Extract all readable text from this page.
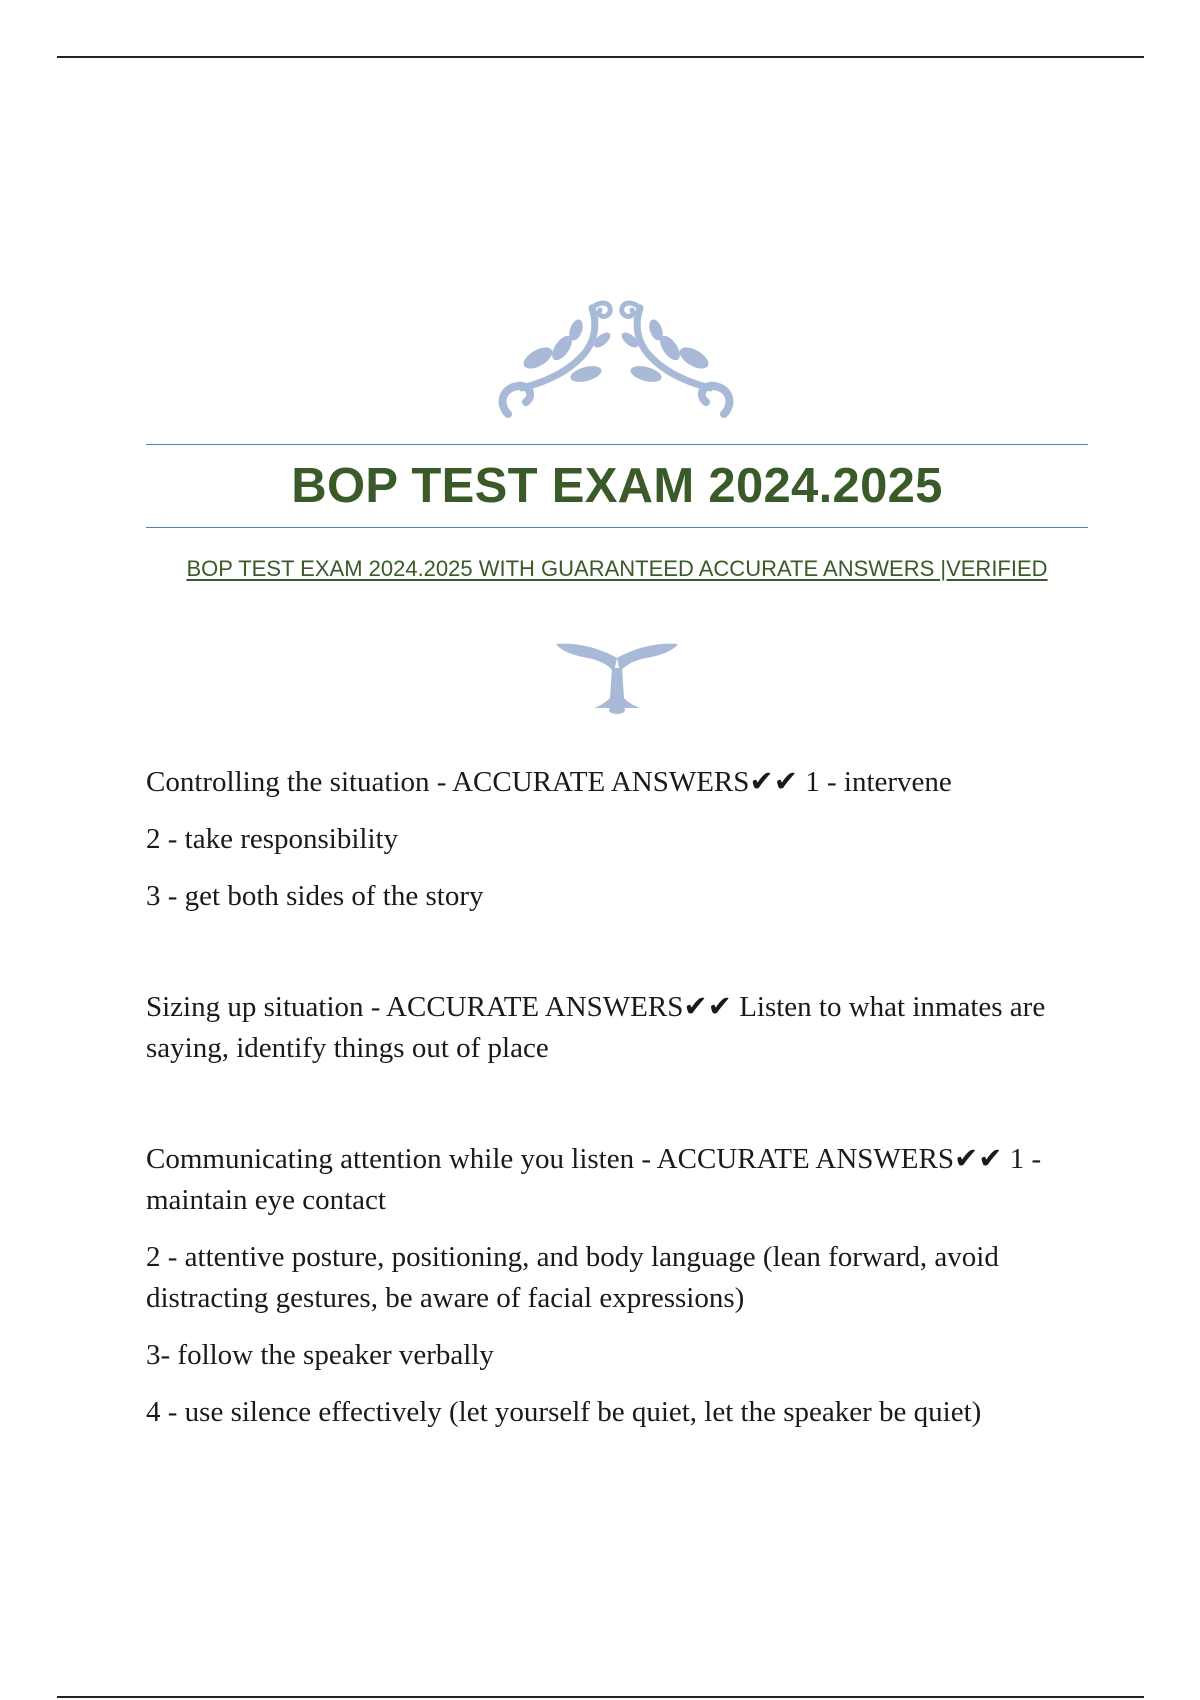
BOP TEST EXAM 2024.2025
BOP TEST EXAM 2024.2025 WITH GUARANTEED ACCURATE ANSWERS |VERIFIED

Controlling the situation - ACCURATE ANSWERS✔✔ 1 - intervene

2 - take responsibility

3 - get both sides of the story

Sizing up situation - ACCURATE ANSWERS✔✔ Listen to what inmates are saying, identify things out of place

Communicating attention while you listen - ACCURATE ANSWERS✔✔ 1 - maintain eye contact

2 - attentive posture, positioning, and body language (lean forward, avoid distracting gestures, be aware of facial expressions)

3- follow the speaker verbally

4 - use silence effectively (let yourself be quiet, let the speaker be quiet)
